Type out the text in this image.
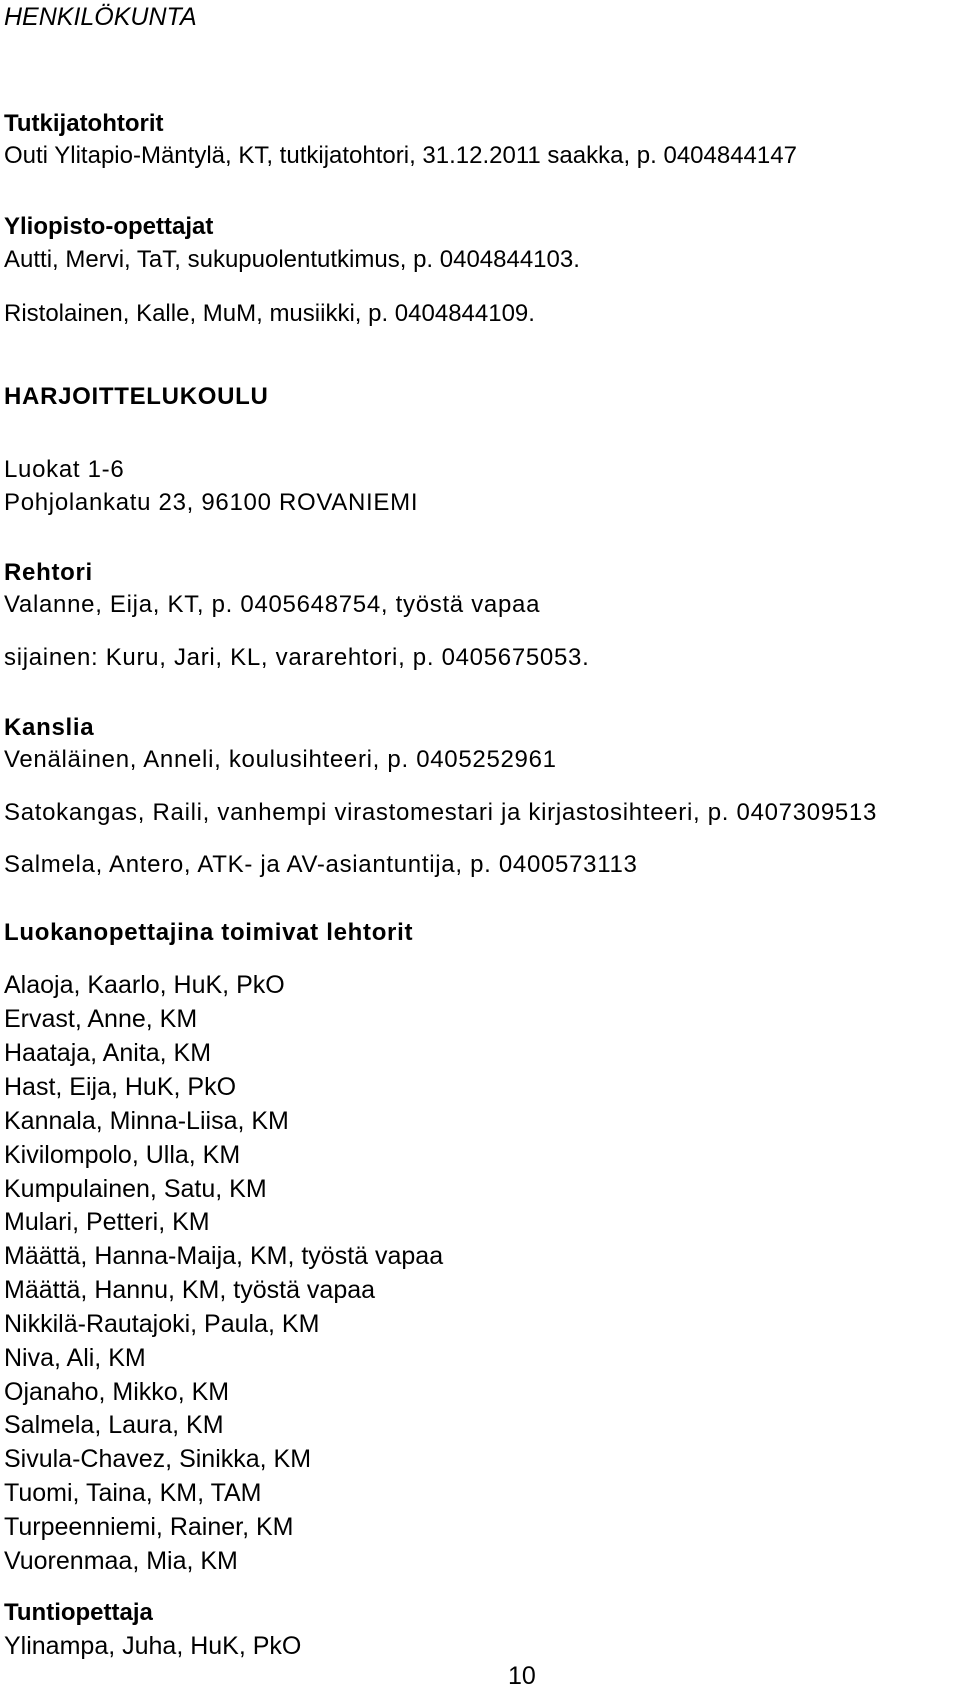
HENKILÖKUNTA
Tutkijatohtorit
Outi Ylitapio-Mäntylä, KT, tutkijatohtori, 31.12.2011 saakka, p. 0404844147
Yliopisto-opettajat
Autti, Mervi, TaT, sukupuolentutkimus, p. 0404844103.
Ristolainen, Kalle, MuM, musiikki, p. 0404844109.
HARJOITTELUKOULU
Luokat 1-6
Pohjolankatu 23, 96100 ROVANIEMI
Rehtori
Valanne, Eija, KT, p. 0405648754, työstä vapaa
sijainen: Kuru, Jari, KL, vararehtori, p. 0405675053.
Kanslia
Venäläinen, Anneli, koulusihteeri, p. 0405252961
Satokangas, Raili, vanhempi virastomestari ja kirjastosihteeri, p. 0407309513
Salmela, Antero, ATK- ja AV-asiantuntija, p. 0400573113
Luokanopettajina toimivat lehtorit
Alaoja, Kaarlo, HuK, PkO
Ervast, Anne, KM
Haataja, Anita, KM
Hast, Eija, HuK, PkO
Kannala, Minna-Liisa, KM
Kivilompolo, Ulla, KM
Kumpulainen, Satu, KM
Mulari, Petteri, KM
Määttä, Hanna-Maija, KM, työstä vapaa
Määttä, Hannu, KM, työstä vapaa
Nikkilä-Rautajoki, Paula, KM
Niva, Ali, KM
Ojanaho, Mikko, KM
Salmela, Laura, KM
Sivula-Chavez, Sinikka, KM
Tuomi, Taina, KM, TAM
Turpeenniemi, Rainer, KM
Vuorenmaa, Mia, KM
Tuntiopettaja
Ylinampa, Juha, HuK, PkO
10
